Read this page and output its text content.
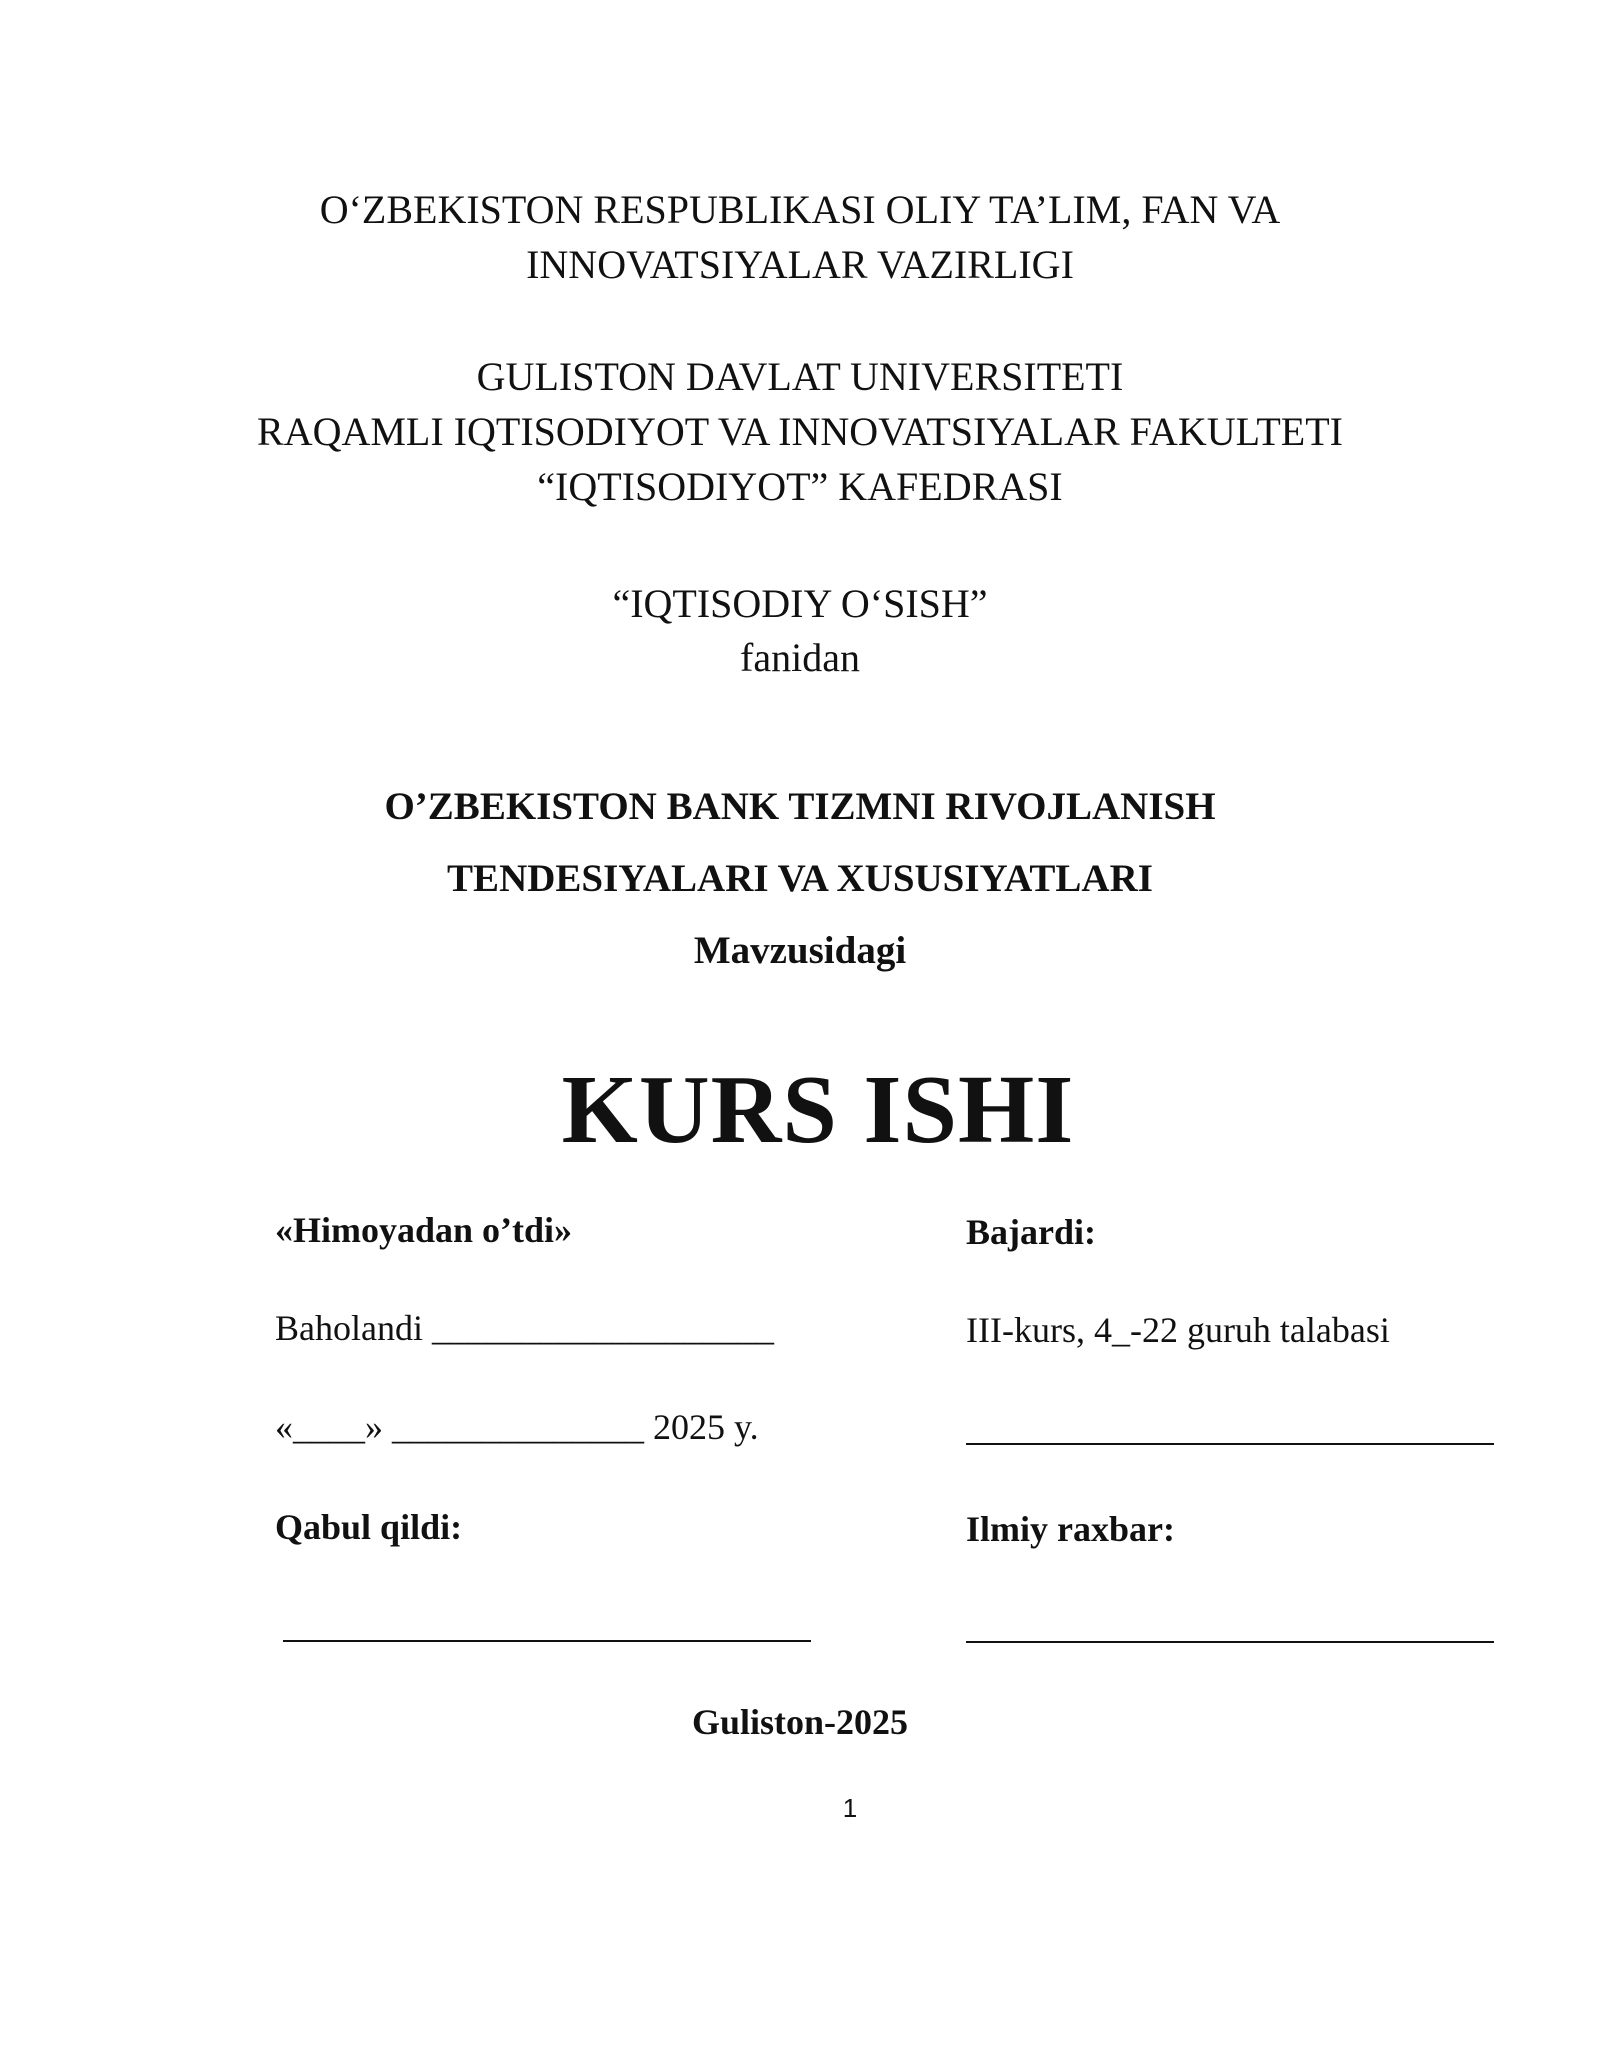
O‘ZBEKISTON RESPUBLIKASI OLIY TA’LIM, FAN VA
INNOVATSIYALAR VAZIRLIGI
GULISTON DAVLAT UNIVERSITETI
RAQAMLI IQTISODIYOT VA INNOVATSIYALAR FAKULTETI
“IQTISODIYOT” KAFEDRASI
“IQTISODIY O‘SISH”
fanidan
O’ZBEKISTON BANK TIZMNI RIVOJLANISH
TENDESIYALARI VA XUSUSIYATLARI
Mavzusidagi
KURS ISHI
«Himoyadan o’tdi»
Baholandi ___________________
«____» ______________ 2025 y.
Qabul qildi:
Bajardi:
III-kurs, 4_-22 guruh talabasi
Ilmiy raxbar:
Guliston-2025
1
